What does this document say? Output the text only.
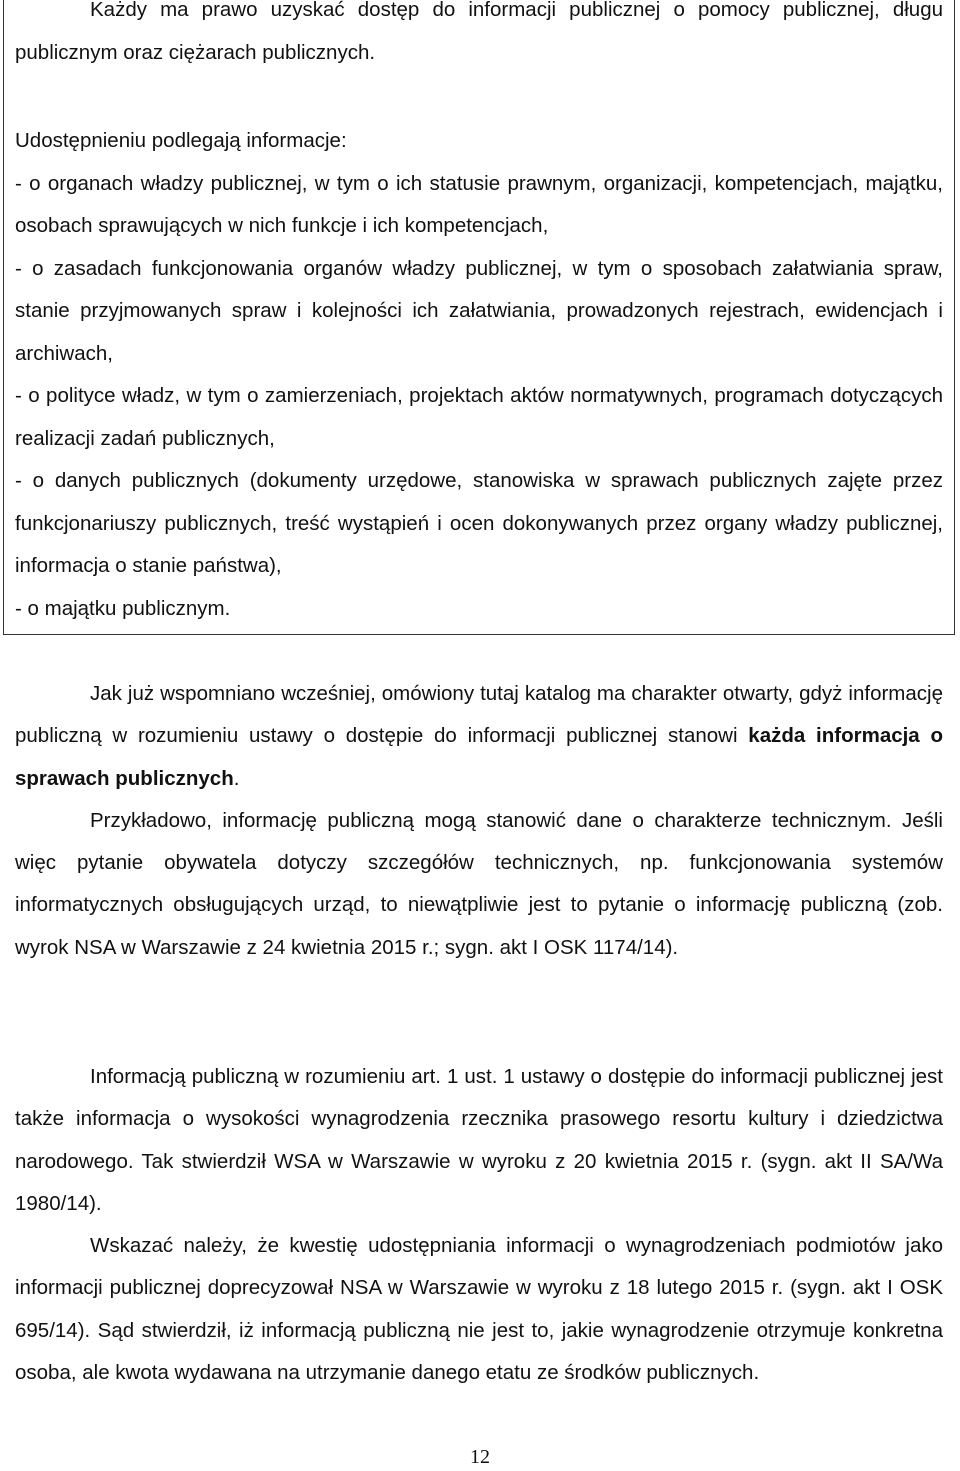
Każdy ma prawo uzyskać dostęp do informacji publicznej o pomocy publicznej, długu publicznym oraz ciężarach publicznych.

Udostępnieniu podlegają informacje:

- o organach władzy publicznej, w tym o ich statusie prawnym, organizacji, kompetencjach, majątku, osobach sprawujących w nich funkcje i ich kompetencjach,

- o zasadach funkcjonowania organów władzy publicznej, w tym o sposobach załatwiania spraw, stanie przyjmowanych spraw i kolejności ich załatwiania, prowadzonych rejestrach, ewidencjach i archiwach,

- o polityce władz, w tym o zamierzeniach, projektach aktów normatywnych, programach dotyczących realizacji zadań publicznych,

- o danych publicznych (dokumenty urzędowe, stanowiska w sprawach publicznych zajęte przez funkcjonariuszy publicznych, treść wystąpień i ocen dokonywanych przez organy władzy publicznej, informacja o stanie państwa),

- o majątku publicznym.

Jak już wspomniano wcześniej, omówiony tutaj katalog ma charakter otwarty, gdyż informację publiczną w rozumieniu ustawy o dostępie do informacji publicznej stanowi każda informacja o sprawach publicznych.

Przykładowo, informację publiczną mogą stanowić dane o charakterze technicznym. Jeśli więc pytanie obywatela dotyczy szczegółów technicznych, np. funkcjonowania systemów informatycznych obsługujących urząd, to niewątpliwie jest to pytanie o informację publiczną (zob. wyrok NSA w Warszawie z 24 kwietnia 2015 r.; sygn. akt I OSK 1174/14).

Informacją publiczną w rozumieniu art. 1 ust. 1 ustawy o dostępie do informacji publicznej jest także informacja o wysokości wynagrodzenia rzecznika prasowego resortu kultury i dziedzictwa narodowego. Tak stwierdził WSA w Warszawie w wyroku z 20 kwietnia 2015 r. (sygn. akt II SA/Wa 1980/14).

Wskazać należy, że kwestię udostępniania informacji o wynagrodzeniach podmiotów jako informacji publicznej doprecyzował NSA w Warszawie w wyroku z 18 lutego 2015 r. (sygn. akt I OSK 695/14). Sąd stwierdził, iż informacją publiczną nie jest to, jakie wynagrodzenie otrzymuje konkretna osoba, ale kwota wydawana na utrzymanie danego etatu ze środków publicznych.

12
